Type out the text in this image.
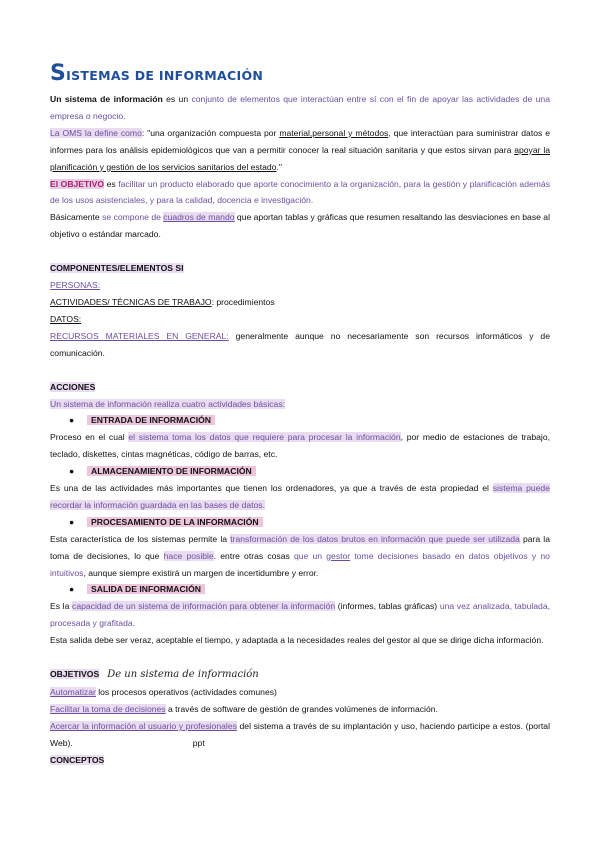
SISTEMAS DE INFORMACIÓN

Un sistema de información es un conjunto de elementos que interactúan entre sí con el fin de apoyar las actividades de una empresa o negocio.

La OMS la define como: "una organización compuesta por material,personal y métodos, que interactúan para suministrar datos e informes para los análisis epidemiológicos que van a permitir conocer la real situación sanitaria y que estos sirvan para apoyar la planificación y gestión de los servicios sanitarios del estado."

El OBJETIVO es facilitar un producto elaborado que aporte conocimiento a la organización, para la gestión y planificación además de los usos asistenciales, y para la calidad, docencia e investigación.

Básicamente se compone de cuadros de mando que aportan tablas y gráficas que resumen resaltando las desviaciones en base al objetivo o estándar marcado.

COMPONENTES/ELEMENTOS SI

PERSONAS:

ACTIVIDADES/ TÉCNICAS DE TRABAJO: procedimientos

DATOS:

RECURSOS MATERIALES EN GENERAL: generalmente aunque no necesariamente son recursos informáticos y de comunicación.

ACCIONES

Un sistema de información realiza cuatro actividades básicas:

● ENTRADA DE INFORMACIÓN

Proceso en el cual el sistema toma los datos que requiere para procesar la información, por medio de estaciones de trabajo, teclado, diskettes, cintas magnéticas, código de barras, etc.

● ALMACENAMIENTO DE INFORMACIÓN

Es una de las actividades más importantes que tienen los ordenadores, ya que a través de esta propiedad el sistema puede recordar la información guardada en las bases de datos.

● PROCESAMIENTO DE LA INFORMACIÓN

Esta característica de los sistemas permite la transformación de los datos brutos en información que puede ser utilizada para la toma de decisiones, lo que hace posible. entre otras cosas que un gestor tome decisiones basado en datos objetivos y no intuitivos, aunque siempre existirá un margen de incertidumbre y error.

● SALIDA DE INFORMACIÓN

Es la capacidad de un sistema de información para obtener la información (informes, tablas gráficas) una vez analizada, tabulada, procesada y grafitada.

Esta salida debe ser veraz, aceptable el tiempo, y adaptada a la necesidades reales del gestor al que se dirige dicha información.

OBJETIVOS De un sistema de información

Automatizar los procesos operativos (actividades comunes)

Facilitar la toma de decisiones a través de software de gestión de grandes volúmenes de información.

Acercar la información al usuario y profesionales del sistema a través de su implantación y uso, haciendo participe a estos. (portal Web).	ppt

CONCEPTOS
